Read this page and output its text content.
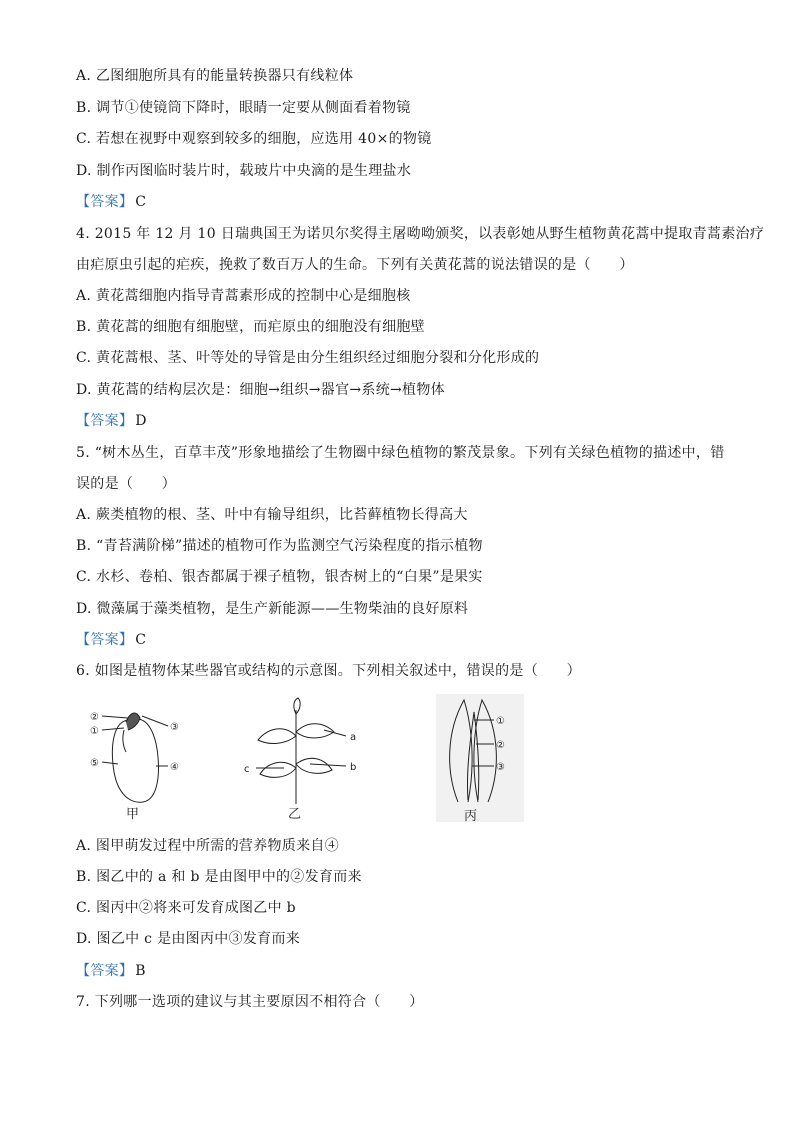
A. 乙图细胞所具有的能量转换器只有线粒体
B. 调节①使镜筒下降时，眼睛一定要从侧面看着物镜
C. 若想在视野中观察到较多的细胞，应选用 40×的物镜
D. 制作丙图临时装片时，载玻片中央滴的是生理盐水
【答案】 C
4. 2015 年 12 月 10 日瑞典国王为诺贝尔奖得主屠呦呦颁奖，以表彰她从野生植物黄花蒿中提取青蒿素治疗
由疟原虫引起的疟疾，挽救了数百万人的生命。下列有关黄花蒿的说法错误的是（　　）
A. 黄花蒿细胞内指导青蒿素形成的控制中心是细胞核
B. 黄花蒿的细胞有细胞壁，而疟原虫的细胞没有细胞壁
C. 黄花蒿根、茎、叶等处的导管是由分生组织经过细胞分裂和分化形成的
D. 黄花蒿的结构层次是：细胞→组织→器官→系统→植物体
【答案】 D
5. “树木丛生，百草丰茂”形象地描绘了生物圈中绿色植物的繁茂景象。下列有关绿色植物的描述中，错
误的是（　　）
A. 蕨类植物的根、茎、叶中有输导组织，比苔藓植物长得高大
B. “青苔满阶梯”描述的植物可作为监测空气污染程度的指示植物
C. 水杉、卷柏、银杏都属于裸子植物，银杏树上的“白果”是果实
D. 微藻属于藻类植物，是生产新能源——生物柴油的良好原料
【答案】 C
6. 如图是植物体某些器官或结构的示意图。下列相关叙述中，错误的是（　　）
②
①	③
⑤	④
甲
a
b
c
乙
①
②
③
丙
A. 图甲萌发过程中所需的营养物质来自④
B. 图乙中的 a 和 b 是由图甲中的②发育而来
C. 图丙中②将来可发育成图乙中 b
D. 图乙中 c 是由图丙中③发育而来
【答案】 B
7. 下列哪一选项的建议与其主要原因不相符合（　　）
